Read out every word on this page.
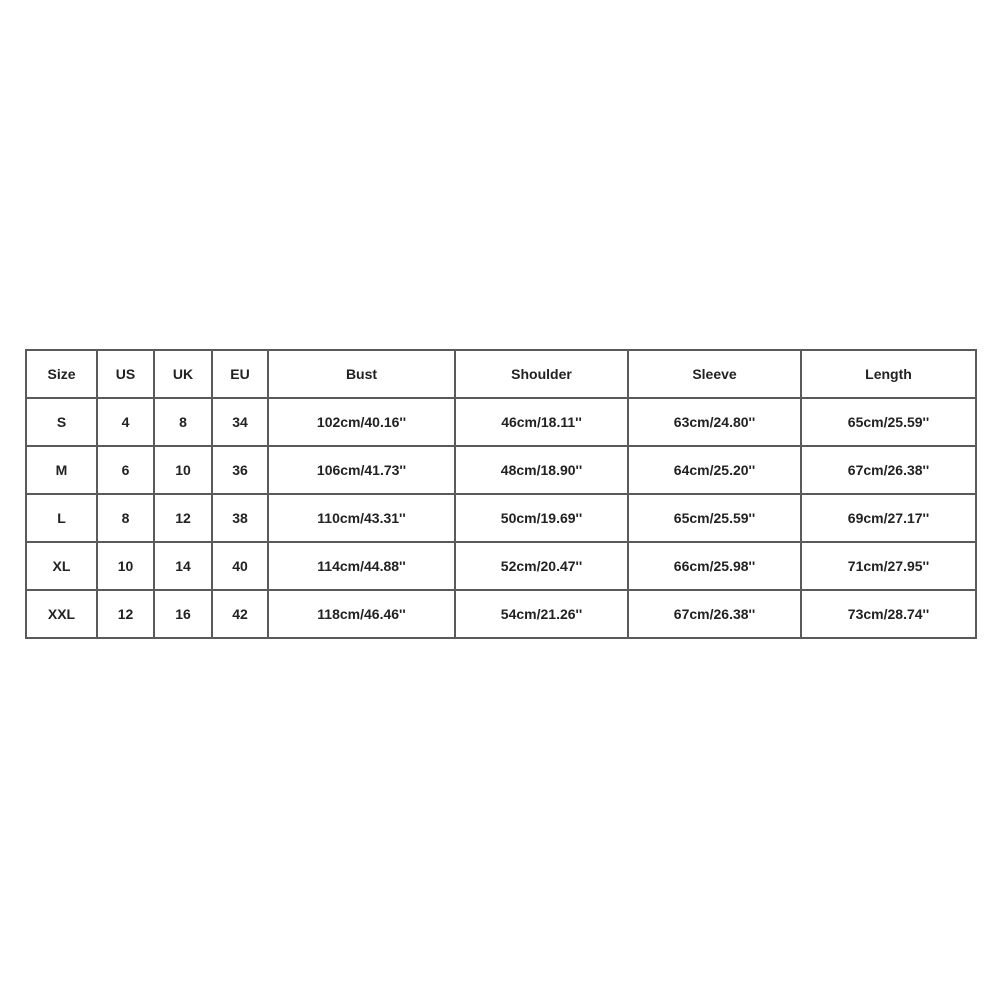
Size	US	UK	EU	Bust	Shoulder	Sleeve	Length
S	4	8	34	102cm/40.16''	46cm/18.11''	63cm/24.80''	65cm/25.59''
M	6	10	36	106cm/41.73''	48cm/18.90''	64cm/25.20''	67cm/26.38''
L	8	12	38	110cm/43.31''	50cm/19.69''	65cm/25.59''	69cm/27.17''
XL	10	14	40	114cm/44.88''	52cm/20.47''	66cm/25.98''	71cm/27.95''
XXL	12	16	42	118cm/46.46''	54cm/21.26''	67cm/26.38''	73cm/28.74''
